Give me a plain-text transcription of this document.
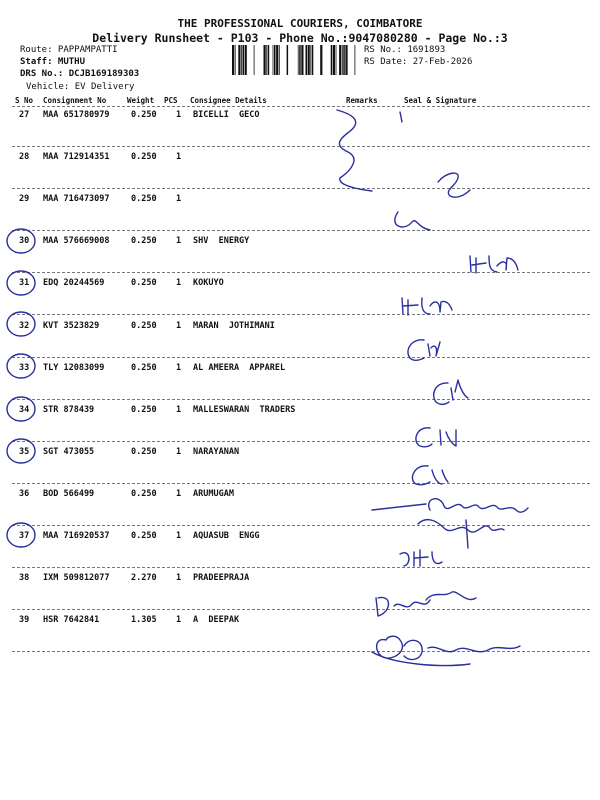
THE PROFESSIONAL COURIERS, COIMBATORE
Delivery Runsheet - P103 - Phone No.:9047080280 - Page No.:3
Route: PAPPAMPATTI
Staff: MUTHU
DRS No.: DCJB169189303
Vehicle: EV Delivery
RS No.: 1691893
RS Date: 27-Feb-2026
S No Consignment No	Weight PCS Consignee Details	Remarks	Seal & Signature
27 MAA 651780979	0.250 1 BICELLI  GECO
28 MAA 712914351	0.250 1
29 MAA 716473097	0.250 1
30 MAA 576669008	0.250 1 SHV  ENERGY
31 EDQ 20244569	0.250 1 KOKUYO
32 KVT 3523829	0.250 1 MARAN  JOTHIMANI
33 TLY 12083099	0.250 1 AL AMEERA  APPAREL
34 STR 878439	0.250 1 MALLESWARAN  TRADERS
35 SGT 473055	0.250 1 NARAYANAN
36 BOD 566499	0.250 1 ARUMUGAM
37 MAA 716920537	0.250 1 AQUASUB  ENGG
38 IXM 509812077	2.270 1 PRADEEPRAJA
39 HSR 7642841	1.305 1 A  DEEPAK
